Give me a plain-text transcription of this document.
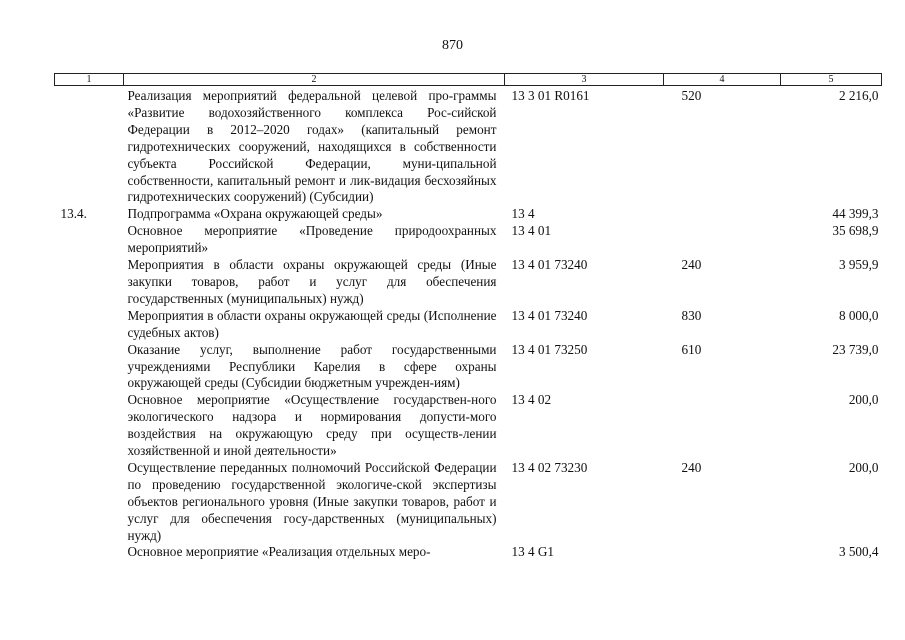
870
1	2	3	4	5
	Реализация мероприятий федеральной целевой про-граммы «Развитие водохозяйственного комплекса Рос-сийской Федерации в 2012–2020 годах» (капитальный ремонт гидротехнических сооружений, находящихся в собственности субъекта Российской Федерации, муни-ципальной собственности, капитальный ремонт и лик-видация бесхозяйных гидротехнических сооружений) (Субсидии)	13 3 01 R0161	520	2 216,0
13.4.	Подпрограмма «Охрана окружающей среды»	13 4		44 399,3
	Основное мероприятие «Проведение природоохранных мероприятий»	13 4 01		35 698,9
	Мероприятия в области охраны окружающей среды (Иные закупки товаров, работ и услуг для обеспечения государственных (муниципальных) нужд)	13 4 01 73240	240	3 959,9
	Мероприятия в области охраны окружающей среды (Исполнение судебных актов)	13 4 01 73240	830	8 000,0
	Оказание услуг, выполнение работ государственными учреждениями Республики Карелия в сфере охраны окружающей среды (Субсидии бюджетным учрежден-иям)	13 4 01 73250	610	23 739,0
	Основное мероприятие «Осуществление государствен-ного экологического надзора и нормирования допусти-мого воздействия на окружающую среду при осуществ-лении хозяйственной и иной деятельности»	13 4 02		200,0
	Осуществление переданных полномочий Российской Федерации по проведению государственной экологиче-ской экспертизы объектов регионального уровня (Иные закупки товаров, работ и услуг для обеспечения госу-дарственных (муниципальных) нужд)	13 4 02 73230	240	200,0
	Основное мероприятие «Реализация отдельных меро-	13 4 G1		3 500,4
